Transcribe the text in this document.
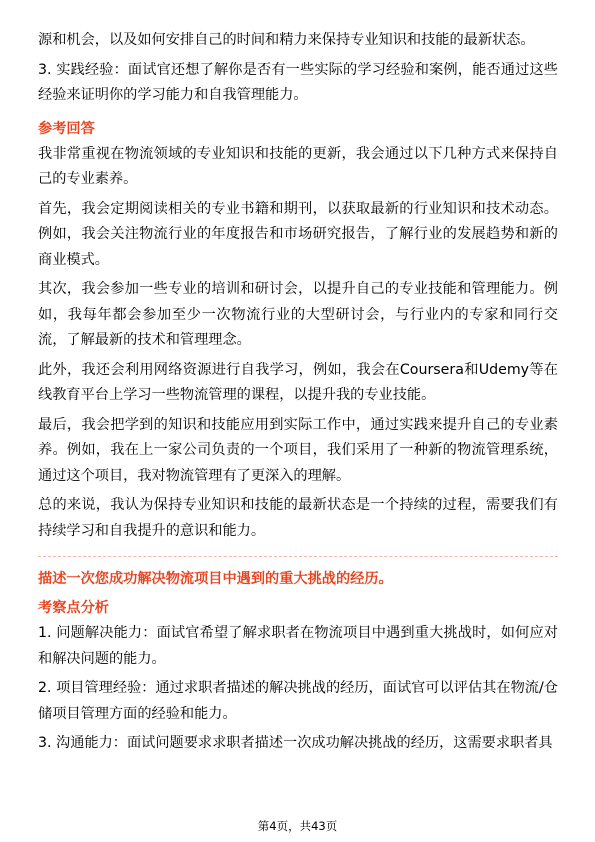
源和机会，以及如何安排自己的时间和精力来保持专业知识和技能的最新状态。

3. 实践经验：面试官还想了解你是否有一些实际的学习经验和案例，能否通过这些经验来证明你的学习能力和自我管理能力。

参考回答

我非常重视在物流领域的专业知识和技能的更新，我会通过以下几种方式来保持自己的专业素养。

首先，我会定期阅读相关的专业书籍和期刊，以获取最新的行业知识和技术动态。例如，我会关注物流行业的年度报告和市场研究报告，了解行业的发展趋势和新的商业模式。

其次，我会参加一些专业的培训和研讨会，以提升自己的专业技能和管理能力。例如，我每年都会参加至少一次物流行业的大型研讨会，与行业内的专家和同行交流，了解最新的技术和管理理念。

此外，我还会利用网络资源进行自我学习，例如，我会在Coursera和Udemy等在线教育平台上学习一些物流管理的课程，以提升我的专业技能。

最后，我会把学到的知识和技能应用到实际工作中，通过实践来提升自己的专业素养。例如，我在上一家公司负责的一个项目，我们采用了一种新的物流管理系统，通过这个项目，我对物流管理有了更深入的理解。

总的来说，我认为保持专业知识和技能的最新状态是一个持续的过程，需要我们有持续学习和自我提升的意识和能力。

描述一次您成功解决物流项目中遇到的重大挑战的经历。
考察点分析

1. 问题解决能力：面试官希望了解求职者在物流项目中遇到重大挑战时，如何应对和解决问题的能力。

2. 项目管理经验：通过求职者描述的解决挑战的经历，面试官可以评估其在物流/仓储项目管理方面的经验和能力。

3. 沟通能力：面试问题要求求职者描述一次成功解决挑战的经历，这需要求职者具

第4页，共43页
